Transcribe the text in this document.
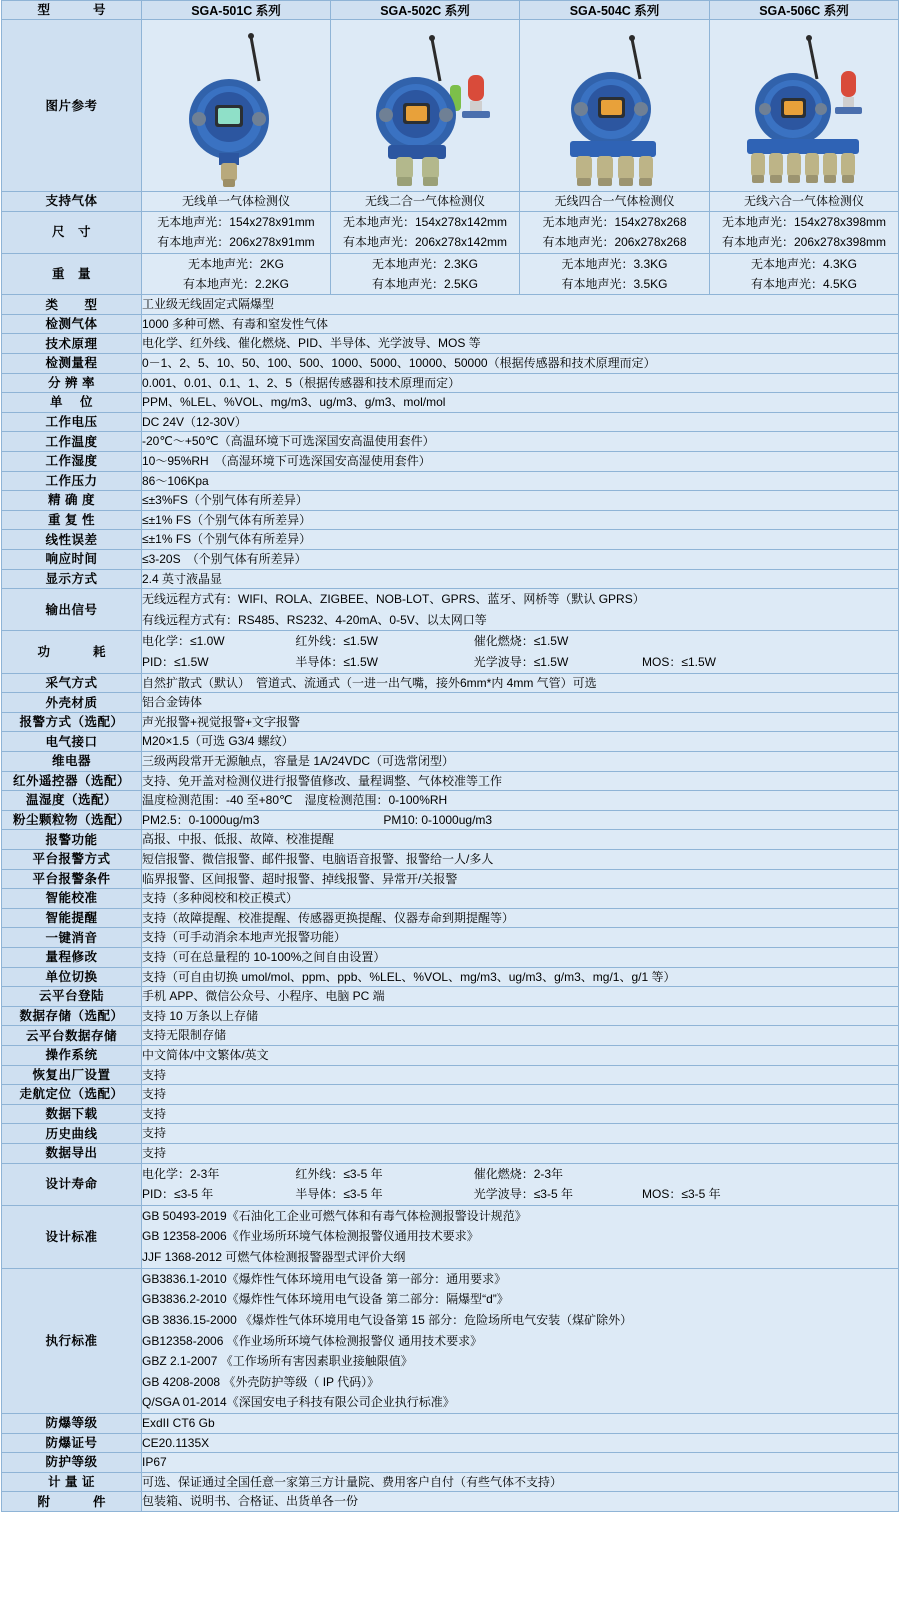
型　　号	SGA-501C 系列	SGA-502C 系列	SGA-504C 系列	SGA-506C 系列
图片参考	

支持气体	无线单一气体检测仪	无线二合一气体检测仪	无线四合一气体检测仪	无线六合一气体检测仪
尺　寸	
无本地声光：154x278x91mm
有本地声光：206x278x91mm

无本地声光：154x278x142mm
有本地声光：206x278x142mm

无本地声光：154x278x268
有本地声光：206x278x268

无本地声光：154x278x398mm
有本地声光：206x278x398mm

重　量	
无本地声光：2KG
有本地声光：2.2KG

无本地声光：2.3KG
有本地声光：2.5KG

无本地声光：3.3KG
有本地声光：3.5KG

无本地声光：4.3KG
有本地声光：4.5KG

类　　型	工业级无线固定式隔爆型			
检测气体	1000 多种可燃、有毒和窒发性气体			
技术原理	电化学、红外线、催化燃烧、PID、半导体、光学波导、MOS 等			
检测量程	0－1、2、5、10、50、100、500、1000、5000、10000、50000（根据传感器和技术原理而定）			
分 辨 率	0.001、0.01、0.1、1、2、5（根据传感器和技术原理而定）			
单　 位	PPM、%LEL、%VOL、mg/m3、ug/m3、g/m3、mol/mol			
工作电压	DC 24V（12-30V）			
工作温度	-20℃～+50℃（高温环境下可选深国安高温使用套件）			
工作湿度	10～95%RH　（高湿环境下可选深国安高湿使用套件）			
工作压力	86～106Kpa			
精 确 度	≤±3%FS（个别气体有所差异）			
重 复 性	≤±1% FS（个别气体有所差异）			
线性误差	≤±1% FS（个别气体有所差异）			
响应时间	≤3-20S　（个别气体有所差异）			
显示方式	2.4 英寸液晶显			
输出信号	无线远程方式有：WIFI、ROLA、ZIGBEE、NOB-LOT、GPRS、蓝牙、网桥等（默认 GPRS）
有线远程方式有：RS485、RS232、4-20mA、0-5V、以太网口等			

功　　耗	电化学：≤1.0W 红外线：≤1.5W 催化燃烧：≤1.5W
PID：≤1.5W 半导体：≤1.5W 光学波导：≤1.5W MOS：≤1.5W			

采气方式	自然扩散式（默认）　管道式、流通式（一进一出气嘴，接外6mm*内 4mm 气管）可选			
外壳材质	铝合金铸体			
报警方式（选配）	声光报警+视觉报警+文字报警			
电气接口	M20×1.5（可选 G3/4 螺纹）			
维电器	三级两段常开无源触点，容量是 1A/24VDC（可选常闭型）			
红外遥控器（选配）	支持、免开盖对检测仪进行报警值修改、量程调整、气体校准等工作			
温湿度（选配）	温度检测范围：-40 至+80℃　湿度检测范围：0-100%RH			
粉尘颗粒物（选配）	PM2.5：0-1000ug/m3 PM10: 0-1000ug/m3			

报警功能	高报、中报、低报、故障、校准提醒			
平台报警方式	短信报警、微信报警、邮件报警、电脑语音报警、报警给一人/多人			
平台报警条件	临界报警、区间报警、超时报警、掉线报警、异常开/关报警			
智能校准	支持（多种阅校和校正模式）			
智能提醒	支持（故障提醒、校准提醒、传感器更换提醒、仪器寿命到期提醒等）			
一键消音	支持（可手动消余本地声光报警功能）			
量程修改	支持（可在总量程的 10-100%之间自由设置）			
单位切换	支持（可自由切换 umol/mol、ppm、ppb、%LEL、%VOL、mg/m3、ug/m3、g/m3、mg/1、g/1 等）			
云平台登陆	手机 APP、微信公众号、小程序、电脑 PC 端			
数据存储（选配）	支持 10 万条以上存储			
云平台数据存储	支持无限制存储			
操作系统	中文简体/中文繁体/英文			
恢复出厂设置	支持			
走航定位（选配）	支持			
数据下载	支持			
历史曲线	支持			
数据导出	支持			
设计寿命	电化学：2-3年 红外线：≤3-5 年 催化燃烧：2-3年
PID：≤3-5 年 半导体：≤3-5 年 光学波导：≤3-5 年 MOS：≤3-5 年			

设计标准	GB 50493-2019《石油化工企业可燃气体和有毒气体检测报警设计规范》
GB 12358-2006《作业场所环境气体检测报警仪通用技术要求》
JJF 1368-2012 可燃气体检测报警器型式评价大纲			

执行标准	
GB3836.1-2010《爆炸性气体环境用电气设备 第一部分：通用要求》
GB3836.2-2010《爆炸性气体环境用电气设备 第二部分：隔爆型“d”》
GB 3836.15-2000 《爆炸性气体环境用电气设备第 15 部分：危险场所电气安装（煤矿除外）
GB12358-2006 《作业场所环境气体检测报警仪 通用技术要求》
GBZ 2.1-2007 《工作场所有害因素职业接触限值》
GB 4208-2008 《外壳防护等级（ IP 代码）》
Q/SGA 01-2014《深国安电子科技有限公司企业执行标准》

防爆等级	ExdII CT6 Gb			
防爆证号	CE20.1135X			
防护等级	IP67			
计 量 证	可选、保证通过全国任意一家第三方计量院、费用客户自付（有些气体不支持）			
附　　件	包装箱、说明书、合格证、出货单各一份			
